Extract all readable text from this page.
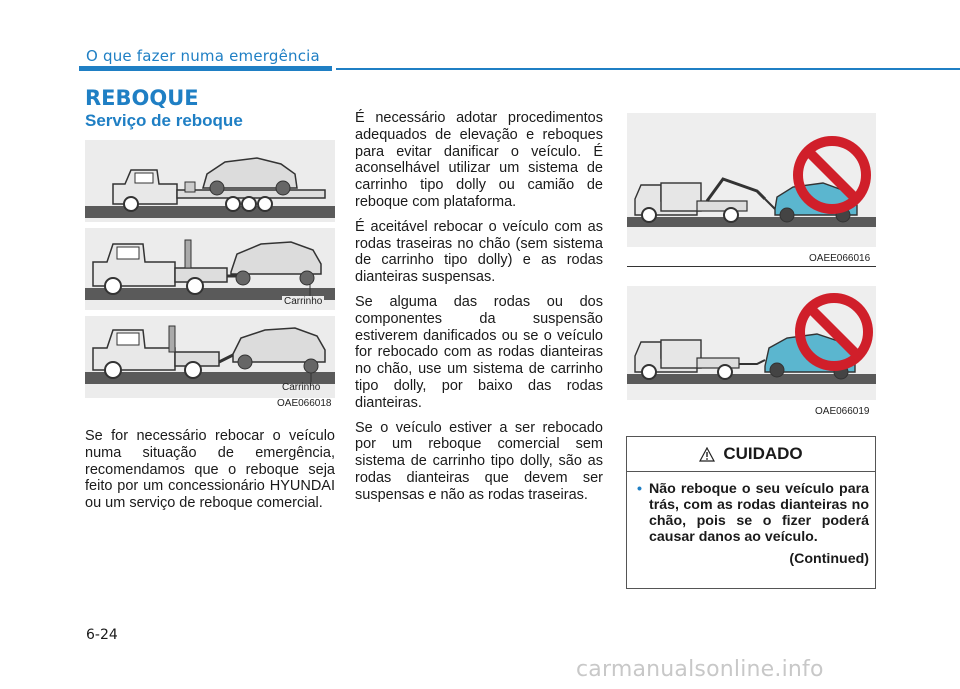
O que fazer numa emergência
REBOQUE
Serviço de reboque
Carrinho
Carrinho
OAE066018

Se for necessário rebocar o veículo numa situação de emergência, recomendamos que o reboque seja feito por um concessionário HYUNDAI ou um serviço de reboque comercial.

É necessário adotar procedimentos adequados de elevação e reboques para evitar danificar o veículo. É aconselhável utilizar um sistema de carrinho tipo dolly ou camião de reboque com plataforma.

É aceitável rebocar o veículo com as rodas traseiras no chão (sem sistema de carrinho tipo dolly) e as rodas dianteiras suspensas.

Se alguma das rodas ou dos componentes da suspensão estiverem danificados ou se o veículo for rebocado com as rodas dianteiras no chão, use um sistema de carrinho tipo dolly, por baixo das rodas dianteiras.

Se o veículo estiver a ser rebocado por um reboque comercial sem sistema de carrinho tipo dolly, são as rodas dianteiras que devem ser suspensas e não as rodas traseiras.

OAEE066016
OAE066019
CUIDADO
• Não reboque o seu veículo para trás, com as rodas dianteiras no chão, pois se o fizer poderá causar danos ao veículo.
(Continued)
6-24
carmanualsonline.info
